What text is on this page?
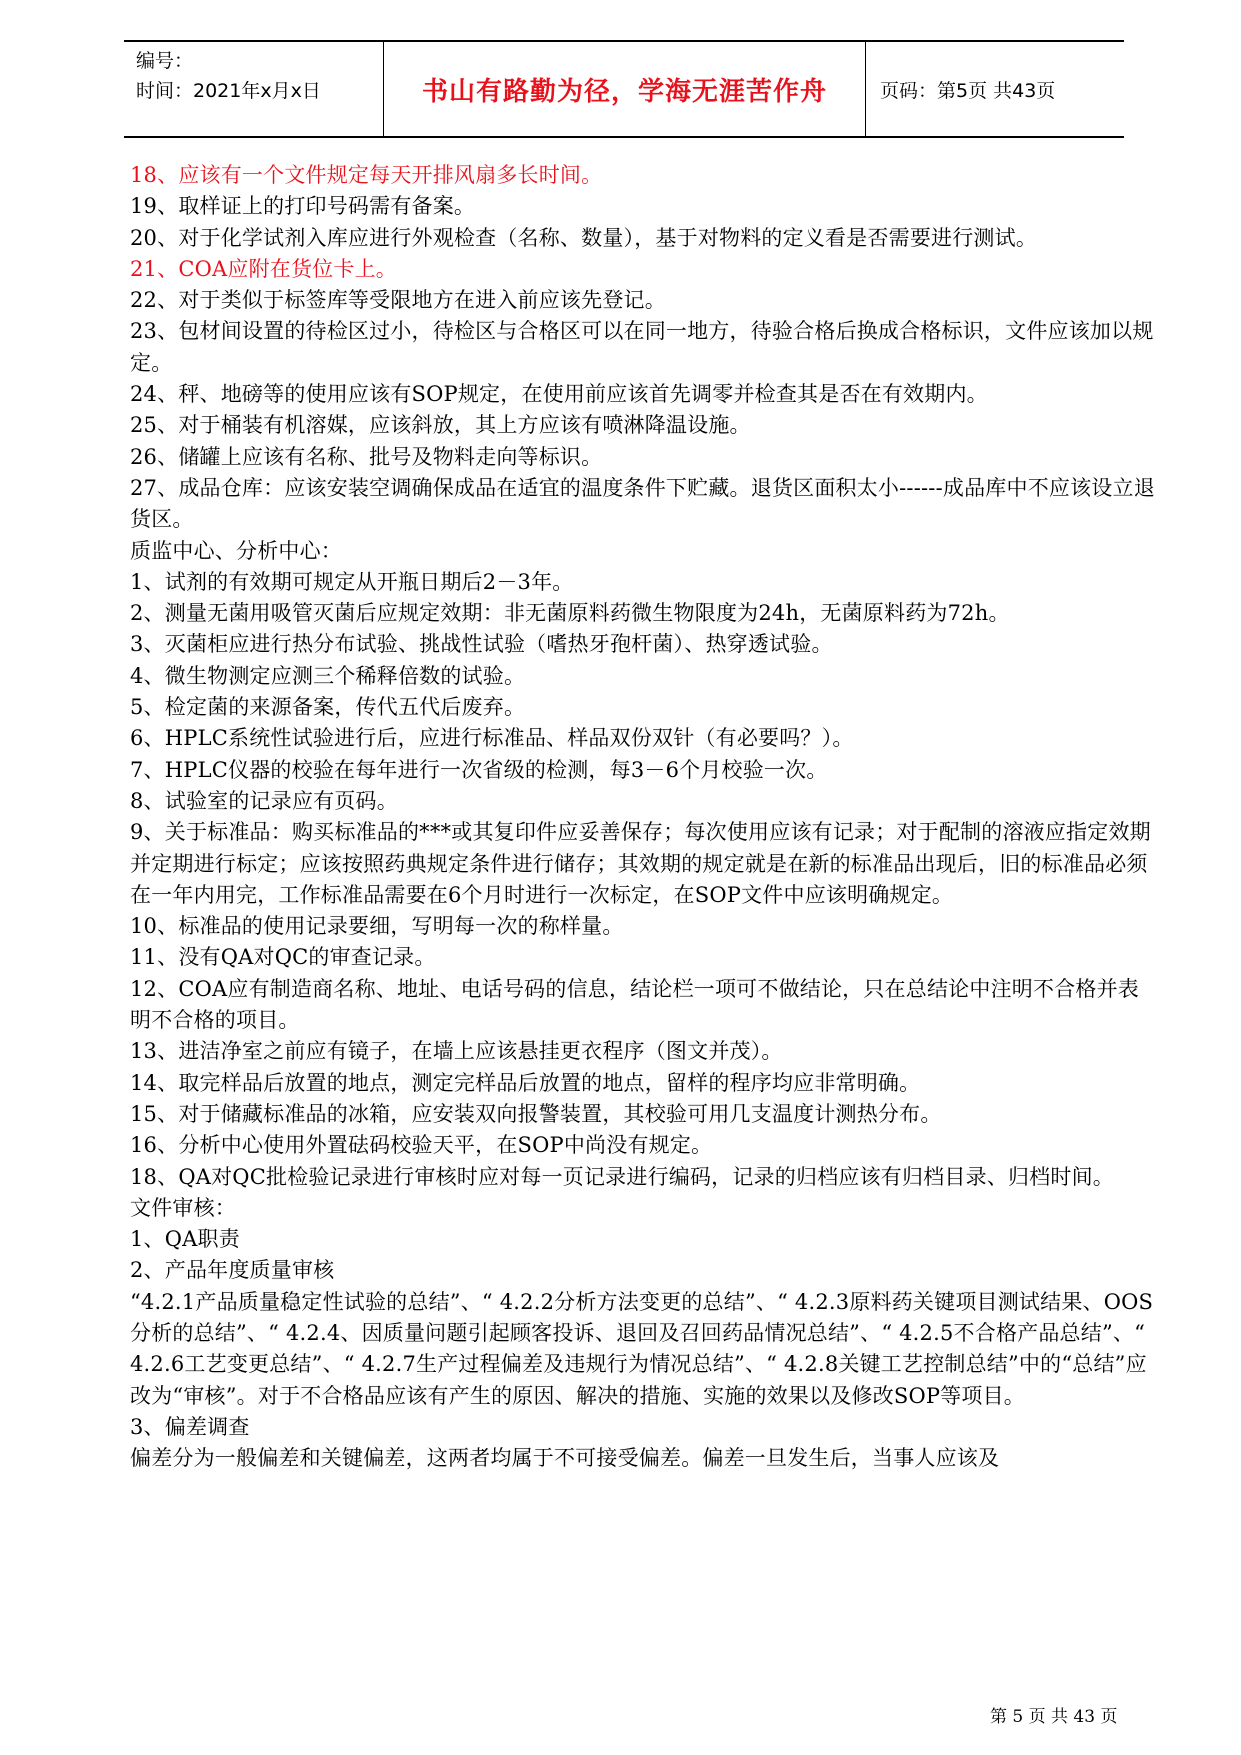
编号：
时间：2021年x月x日	书山有路勤为径，学海无涯苦作舟	页码：第5页 共43页

18、应该有一个文件规定每天开排风扇多长时间。

19、取样证上的打印号码需有备案。

20、对于化学试剂入库应进行外观检查（名称、数量），基于对物料的定义看是否需要进行测试。

21、COA应附在货位卡上。

22、对于类似于标签库等受限地方在进入前应该先登记。

23、包材间设置的待检区过小，待检区与合格区可以在同一地方，待验合格后换成合格标识，文件应该加以规定。

24、秤、地磅等的使用应该有SOP规定，在使用前应该首先调零并检查其是否在有效期内。

25、对于桶装有机溶媒，应该斜放，其上方应该有喷淋降温设施。

26、储罐上应该有名称、批号及物料走向等标识。

27、成品仓库：应该安装空调确保成品在适宜的温度条件下贮藏。退货区面积太小------成品库中不应该设立退货区。

质监中心、分析中心：

1、试剂的有效期可规定从开瓶日期后2－3年。

2、测量无菌用吸管灭菌后应规定效期：非无菌原料药微生物限度为24h，无菌原料药为72h。

3、灭菌柜应进行热分布试验、挑战性试验（嗜热牙孢杆菌）、热穿透试验。

4、微生物测定应测三个稀释倍数的试验。

5、检定菌的来源备案，传代五代后废弃。

6、HPLC系统性试验进行后，应进行标准品、样品双份双针（有必要吗？）。

7、HPLC仪器的校验在每年进行一次省级的检测，每3－6个月校验一次。

8、试验室的记录应有页码。

9、关于标准品：购买标准品的***或其复印件应妥善保存；每次使用应该有记录；对于配制的溶液应指定效期并定期进行标定；应该按照药典规定条件进行储存；其效期的规定就是在新的标准品出现后，旧的标准品必须在一年内用完，工作标准品需要在6个月时进行一次标定，在SOP文件中应该明确规定。

10、标准品的使用记录要细，写明每一次的称样量。

11、没有QA对QC的审查记录。

12、COA应有制造商名称、地址、电话号码的信息，结论栏一项可不做结论，只在总结论中注明不合格并表明不合格的项目。

13、进洁净室之前应有镜子，在墙上应该悬挂更衣程序（图文并茂）。

14、取完样品后放置的地点，测定完样品后放置的地点，留样的程序均应非常明确。

15、对于储藏标准品的冰箱，应安装双向报警装置，其校验可用几支温度计测热分布。

16、分析中心使用外置砝码校验天平，在SOP中尚没有规定。

18、QA对QC批检验记录进行审核时应对每一页记录进行编码，记录的归档应该有归档目录、归档时间。

文件审核：

1、QA职责

2、产品年度质量审核

“4.2.1产品质量稳定性试验的总结”、“ 4.2.2分析方法变更的总结”、“ 4.2.3原料药关键项目测试结果、OOS分析的总结”、“ 4.2.4、因质量问题引起顾客投诉、退回及召回药品情况总结”、“ 4.2.5不合格产品总结”、“ 4.2.6工艺变更总结”、“ 4.2.7生产过程偏差及违规行为情况总结”、“ 4.2.8关键工艺控制总结”中的“总结”应改为“审核”。对于不合格品应该有产生的原因、解决的措施、实施的效果以及修改SOP等项目。

3、偏差调查

偏差分为一般偏差和关键偏差，这两者均属于不可接受偏差。偏差一旦发生后，当事人应该及

第 5 页 共 43 页
